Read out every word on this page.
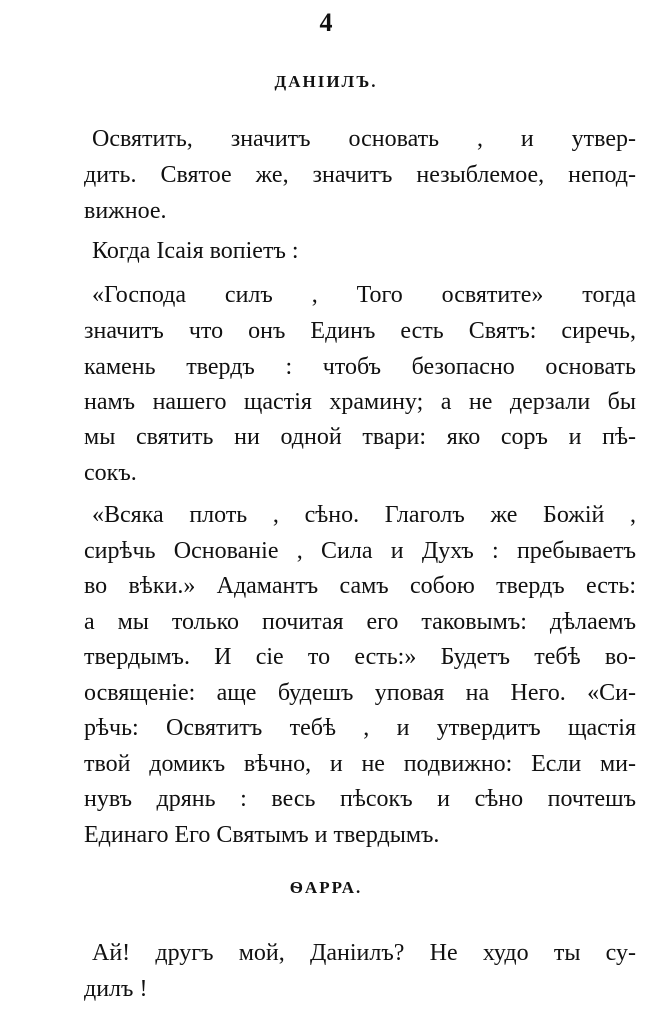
4
ДАНІИЛЪ.
Освятить, значитъ основать , и утвер-
дить. Святое же, значитъ незыблемое, непод-
вижное.
Когда Ісаія вопіетъ :
«Господа силъ , Того освятите» тогда
значитъ что онъ Единъ есть Святъ: сиречь,
камень твердъ : чтобъ безопасно основать
намъ нашего щастія храмину; а не дерзали бы
мы святить ни одной твари: яко соръ и пѣ-
сокъ.
«Всяка плоть , сѣно. Глаголъ же Божій ,
сирѣчь Основаніе , Сила и Духъ : пребываетъ
во вѣки.» Адамантъ самъ собою твердъ есть:
а мы только почитая его таковымъ: дѣлаемъ
твердымъ. И сіе то есть:» Будетъ тебѣ во-
освященіе: аще будешъ уповая на Него. «Си-
рѣчь: Освятитъ тебѣ , и утвердитъ щастія
твой домикъ вѣчно, и не подвижно: Если ми-
нувъ дрянь : весь пѣсокъ и сѣно почтешъ
Единаго Его Святымъ и твердымъ.
ѲАРРА.
Ай! другъ мой, Даніилъ? Не худо ты су-
дилъ !
